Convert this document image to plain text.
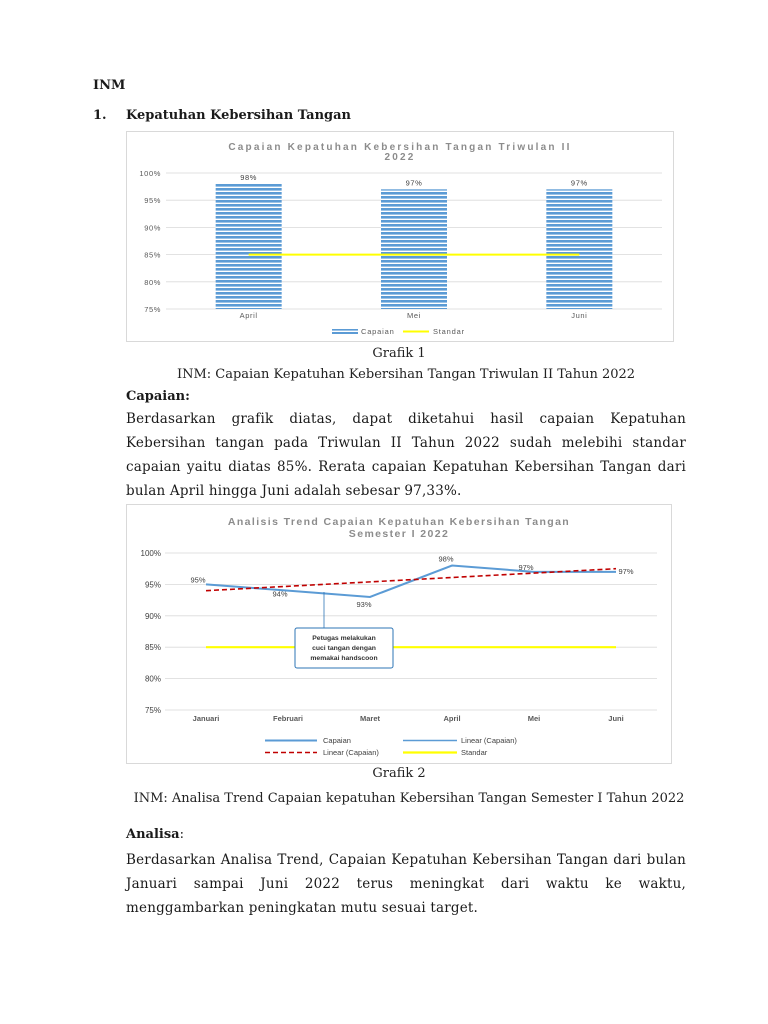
INM
1. Kepatuhan Kebersihan Tangan
Capaian Kepatuhan Kebersihan Tangan Triwulan II
2022
100%
95%
90%
85%
80%
75%
98%
97%	97%
April	Mei	Juni
Capaian	Standar
Grafik 1
INM: Capaian Kepatuhan Kebersihan Tangan Triwulan II Tahun 2022
Capaian:
Berdasarkan grafik diatas, dapat diketahui hasil capaian Kepatuhan Kebersihan tangan pada Triwulan II Tahun 2022 sudah melebihi standar capaian yaitu diatas 85%. Rerata capaian Kepatuhan Kebersihan Tangan dari bulan April hingga Juni adalah sebesar 97,33%.
Analisis Trend Capaian Kepatuhan Kebersihan Tangan
Semester I 2022
100%
95%
90%
85%
80%
75%
Januari	Februari	Maret	April	Mei	Juni
95%
94%
93%
98%
97%	97%
Petugas melakukan
cuci tangan dengan
memakai handscoon
Capaian	Linear (Capaian)
Linear (Capaian)	Standar
Grafik 2
INM: Analisa Trend Capaian kepatuhan Kebersihan Tangan Semester I Tahun 2022
Analisa:
Berdasarkan Analisa Trend, Capaian Kepatuhan Kebersihan Tangan dari bulan Januari sampai Juni 2022 terus meningkat dari waktu ke waktu, menggambarkan peningkatan mutu sesuai target.
